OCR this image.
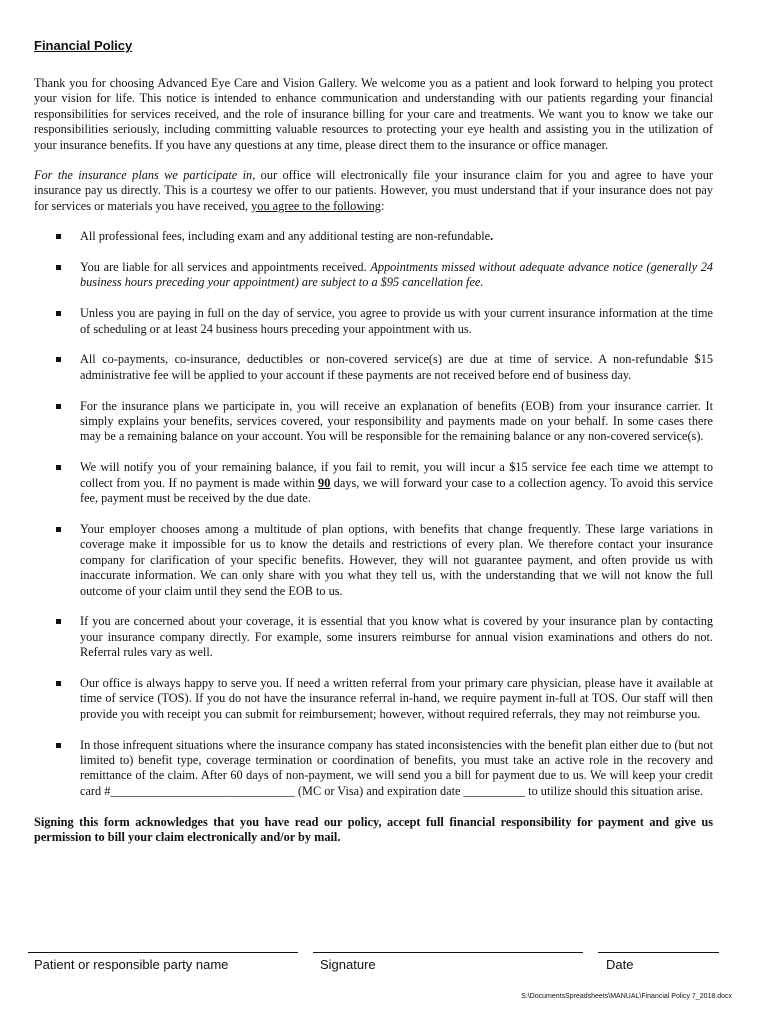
Financial Policy

Thank you for choosing Advanced Eye Care and Vision Gallery. We welcome you as a patient and look forward to helping you protect your vision for life. This notice is intended to enhance communication and understanding with our patients regarding your financial responsibilities for services received, and the role of insurance billing for your care and treatments. We want you to know we take our responsibilities seriously, including committing valuable resources to protecting your eye health and assisting you in the utilization of your insurance benefits. If you have any questions at any time, please direct them to the insurance or office manager.

For the insurance plans we participate in, our office will electronically file your insurance claim for you and agree to have your insurance pay us directly. This is a courtesy we offer to our patients. However, you must understand that if your insurance does not pay for services or materials you have received, you agree to the following:

All professional fees, including exam and any additional testing are non-refundable.
You are liable for all services and appointments received. Appointments missed without adequate advance notice (generally 24 business hours preceding your appointment) are subject to a $95 cancellation fee.
Unless you are paying in full on the day of service, you agree to provide us with your current insurance information at the time of scheduling or at least 24 business hours preceding your appointment with us.
All co-payments, co-insurance, deductibles or non-covered service(s) are due at time of service. A non-refundable $15 administrative fee will be applied to your account if these payments are not received before end of business day.
For the insurance plans we participate in, you will receive an explanation of benefits (EOB) from your insurance carrier. It simply explains your benefits, services covered, your responsibility and payments made on your behalf. In some cases there may be a remaining balance on your account. You will be responsible for the remaining balance or any non-covered service(s).
We will notify you of your remaining balance, if you fail to remit, you will incur a $15 service fee each time we attempt to collect from you. If no payment is made within 90 days, we will forward your case to a collection agency. To avoid this service fee, payment must be received by the due date.
Your employer chooses among a multitude of plan options, with benefits that change frequently. These large variations in coverage make it impossible for us to know the details and restrictions of every plan. We therefore contact your insurance company for clarification of your specific benefits. However, they will not guarantee payment, and often provide us with inaccurate information. We can only share with you what they tell us, with the understanding that we will not know the full outcome of your claim until they send the EOB to us.
If you are concerned about your coverage, it is essential that you know what is covered by your insurance plan by contacting your insurance company directly. For example, some insurers reimburse for annual vision examinations and others do not. Referral rules vary as well.
Our office is always happy to serve you. If need a written referral from your primary care physician, please have it available at time of service (TOS). If you do not have the insurance referral in-hand, we require payment in-full at TOS. Our staff will then provide you with receipt you can submit for reimbursement; however, without required referrals, they may not reimburse you.
In those infrequent situations where the insurance company has stated inconsistencies with the benefit plan either due to (but not limited to) benefit type, coverage termination or coordination of benefits, you must take an active role in the recovery and remittance of the claim. After 60 days of non-payment, we will send you a bill for payment due to us. We will keep your credit card #______________________________ (MC or Visa) and expiration date __________ to utilize should this situation arise.

Signing this form acknowledges that you have read our policy, accept full financial responsibility for payment and give us permission to bill your claim electronically and/or by mail.

Patient or responsible party name	Signature	Date
S:\DocumentsSpreadsheets\MANUAL\Financial Policy 7_2018.docx
